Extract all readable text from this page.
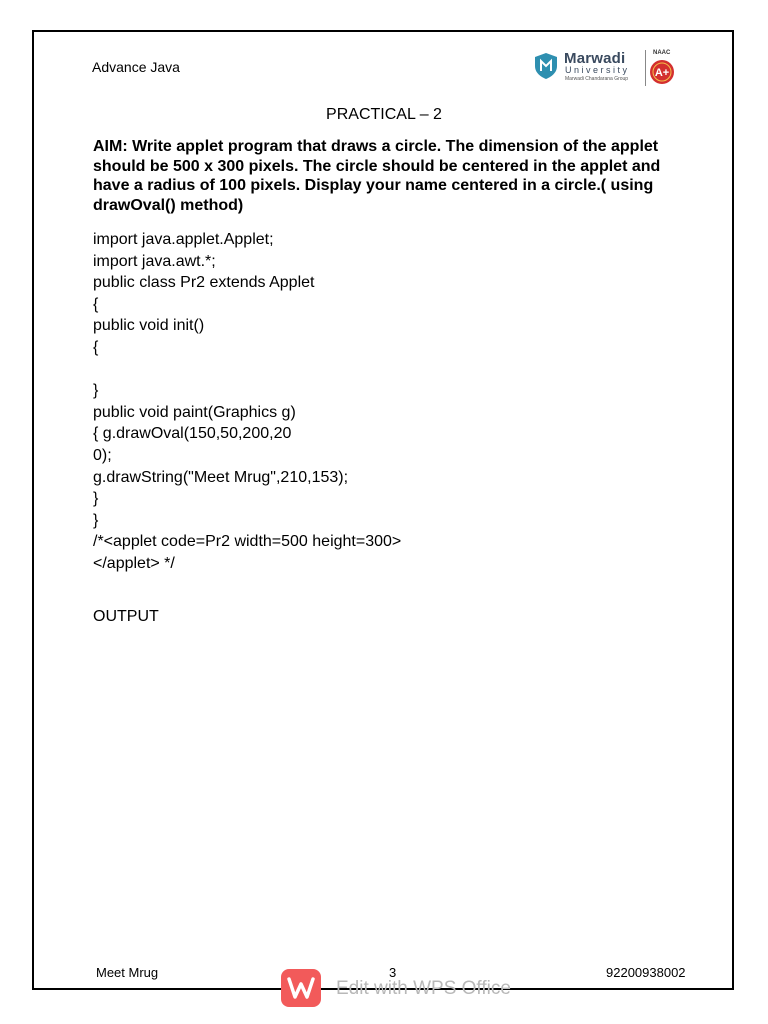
Advance Java	Marwadi
University
Marwadi Chandarana Group
NAAC
A+
PRACTICAL – 2
AIM: Write applet program that draws a circle. The dimension of the applet should be 500 x 300 pixels. The circle should be centered in the applet and have a radius of 100 pixels. Display your name centered in a circle.( using drawOval() method)
import java.applet.Applet;
import java.awt.*;
public class Pr2 extends Applet
{
public void init()
{
}
public void paint(Graphics g)
{ g.drawOval(150,50,200,20
0);
g.drawString("Meet Mrug",210,153);
}
}
/*<applet code=Pr2 width=500 height=300>
</applet> */
OUTPUT
Meet Mrug	3	92200938002
Edit with WPS Office
